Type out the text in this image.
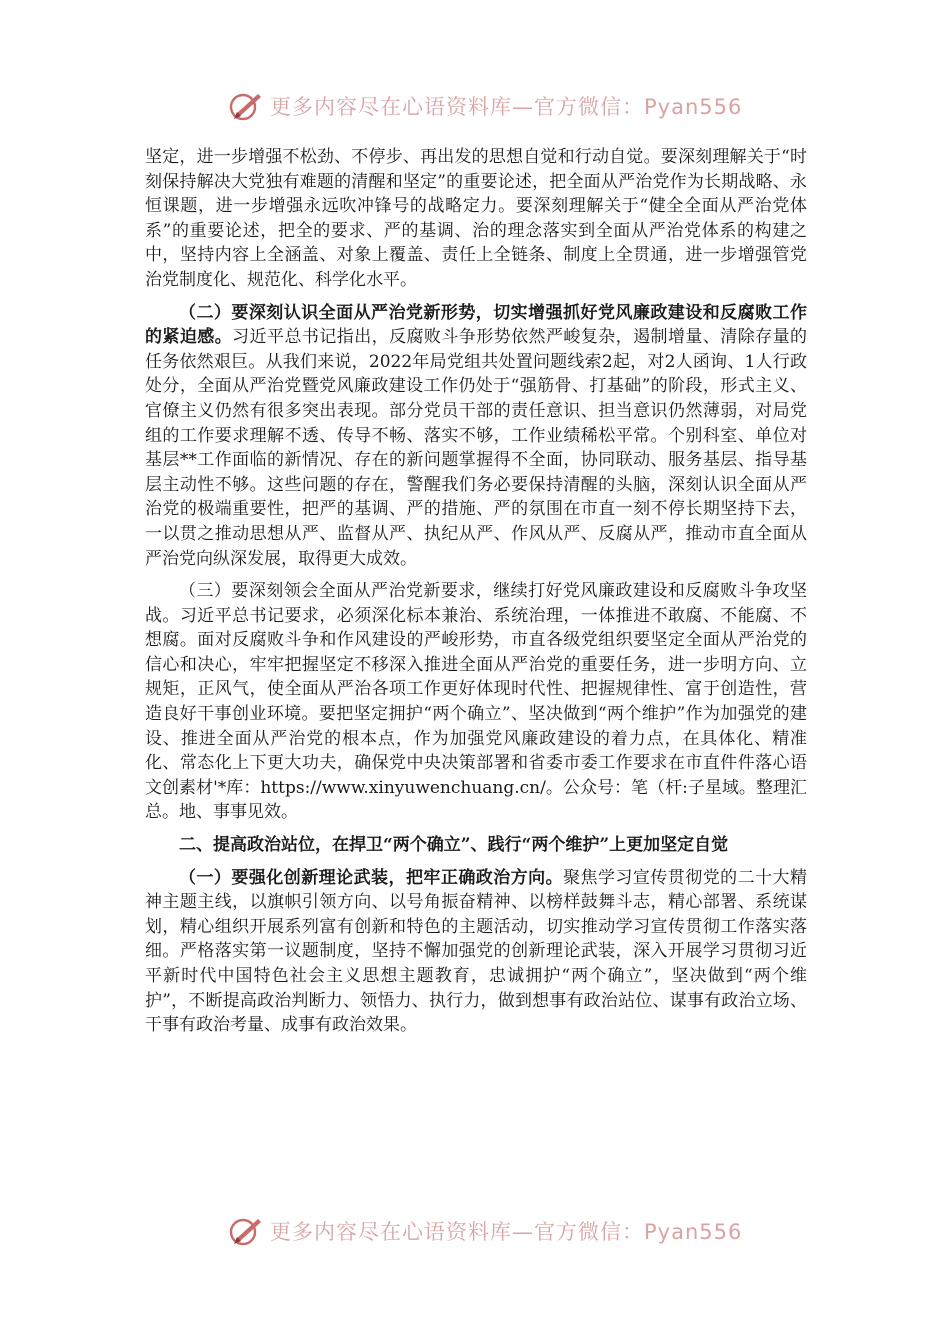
更多内容尽在心语资料库—官方微信：Pyan556

坚定，进一步增强不松劲、不停步、再出发的思想自觉和行动自觉。要深刻理解关于“时刻保持解决大党独有难题的清醒和坚定”的重要论述，把全面从严治党作为长期战略、永恒课题，进一步增强永远吹冲锋号的战略定力。要深刻理解关于“健全全面从严治党体系”的重要论述，把全的要求、严的基调、治的理念落实到全面从严治党体系的构建之中，坚持内容上全涵盖、对象上覆盖、责任上全链条、制度上全贯通，进一步增强管党治党制度化、规范化、科学化水平。

（二）要深刻认识全面从严治党新形势，切实增强抓好党风廉政建设和反腐败工作的紧迫感。习近平总书记指出，反腐败斗争形势依然严峻复杂，遏制增量、清除存量的任务依然艰巨。从我们来说，2022年局党组共处置问题线索2起，对2人函询、1人行政处分，全面从严治党暨党风廉政建设工作仍处于“强筋骨、打基础”的阶段，形式主义、官僚主义仍然有很多突出表现。部分党员干部的责任意识、担当意识仍然薄弱，对局党组的工作要求理解不透、传导不畅、落实不够，工作业绩稀松平常。个别科室、单位对基层**工作面临的新情况、存在的新问题掌握得不全面，协同联动、服务基层、指导基层主动性不够。这些问题的存在，警醒我们务必要保持清醒的头脑，深刻认识全面从严治党的极端重要性，把严的基调、严的措施、严的氛围在市直一刻不停长期坚持下去，一以贯之推动思想从严、监督从严、执纪从严、作风从严、反腐从严，推动市直全面从严治党向纵深发展，取得更大成效。

（三）要深刻领会全面从严治党新要求，继续打好党风廉政建设和反腐败斗争攻坚战。习近平总书记要求，必须深化标本兼治、系统治理，一体推进不敢腐、不能腐、不想腐。面对反腐败斗争和作风建设的严峻形势，市直各级党组织要坚定全面从严治党的信心和决心，牢牢把握坚定不移深入推进全面从严治党的重要任务，进一步明方向、立规矩，正风气，使全面从严治各项工作更好体现时代性、把握规律性、富于创造性，营造良好干事创业环境。要把坚定拥护“两个确立”、坚决做到“两个维护”作为加强党的建设、推进全面从严治党的根本点，作为加强党风廉政建设的着力点，在具体化、精准化、常态化上下更大功夫，确保党中央决策部署和省委市委工作要求在市直件件落心语文创素材'*库：https://www.xinyuwenchuang.cn/。公众号：笔（杆:子星域。整理汇总。地、事事见效。

二、提高政治站位，在捍卫“两个确立”、践行“两个维护”上更加坚定自觉

（一）要强化创新理论武装，把牢正确政治方向。聚焦学习宣传贯彻党的二十大精神主题主线，以旗帜引领方向、以号角振奋精神、以榜样鼓舞斗志，精心部署、系统谋划，精心组织开展系列富有创新和特色的主题活动，切实推动学习宣传贯彻工作落实落细。严格落实第一议题制度，坚持不懈加强党的创新理论武装，深入开展学习贯彻习近平新时代中国特色社会主义思想主题教育，忠诚拥护“两个确立”，坚决做到“两个维护”，不断提高政治判断力、领悟力、执行力，做到想事有政治站位、谋事有政治立场、干事有政治考量、成事有政治效果。

更多内容尽在心语资料库—官方微信：Pyan556
